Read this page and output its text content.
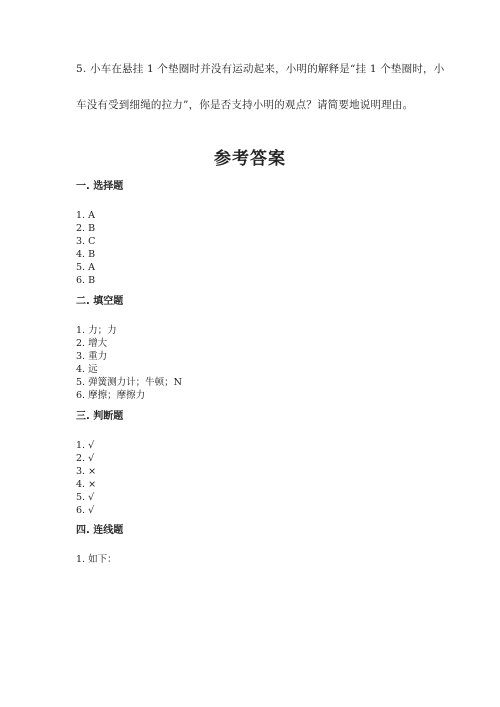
5. 小车在悬挂 1 个垫圈时并没有运动起来，小明的解释是“挂 1 个垫圈时，小
车没有受到细绳的拉力”，你是否支持小明的观点？请简要地说明理由。
参考答案
一. 选择题
1. A
2. B
3. C
4. B
5. A
6. B
二. 填空题
1. 力；力
2. 增大
3. 重力
4. 远
5. 弹簧测力计；牛顿；N
6. 摩擦；摩擦力
三. 判断题
1. √
2. √
3. ×
4. ×
5. √
6. √
四. 连线题
1. 如下：
